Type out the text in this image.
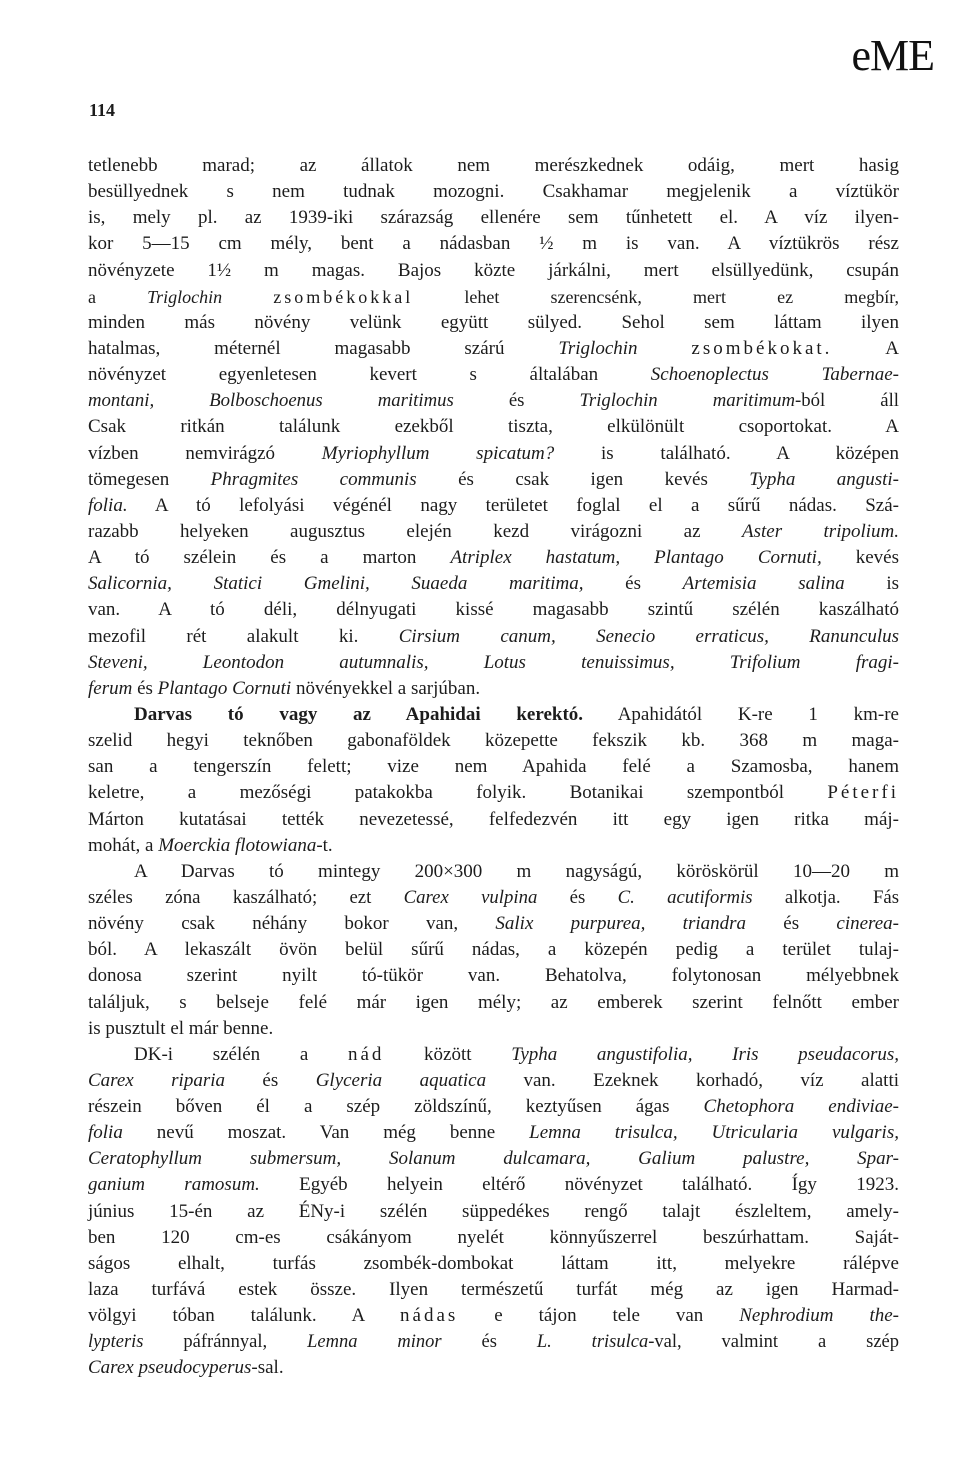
eME
114
tetlenebb marad; az állatok nem merészkednek odáig, mert hasig
besüllyednek s nem tudnak mozogni. Csakhamar megjelenik a víztükör
is, mely pl. az 1939-iki szárazság ellenére sem tűnhetett el. A víz ilyen-
kor 5—15 cm mély, bent a nádasban ½ m is van. A víztükrös rész
növényzete 1½ m magas. Bajos közte járkálni, mert elsüllyedünk, csupán
a Triglochin	zsombékokkal lehet szerencsénk, mert ez megbír,
minden más növény velünk együtt sülyed. Sehol sem láttam ilyen
hatalmas, méternél magasabb szárú Triglochin	zsombékokat. A
növényzet egyenletesen kevert s általában Schoenoplectus Tabernae-
montani, Bolboschoenus maritimus és Triglochin maritimum-ból áll
Csak ritkán találunk ezekből tiszta, elkülönült csoportokat. A
vízben nemvirágzó Myriophyllum spicatum? is található. A középen
tömegesen Phragmites communis és csak igen kevés Typha angusti-
folia. A tó lefolyási végénél nagy területet foglal el a sűrű nádas. Szá-
razabb helyeken augusztus elején kezd virágozni az Aster tripolium.
A tó szélein és a marton Atriplex hastatum, Plantago Cornuti, kevés
Salicornia, Statici Gmelini, Suaeda maritima, és Artemisia salina is
van. A tó déli, délnyugati kissé magasabb szintű szélén kaszálható
mezofil rét alakult ki. Cirsium canum, Senecio erraticus, Ranunculus
Steveni, Leontodon autumnalis, Lotus tenuissimus, Trifolium fragi-
ferum és Plantago Cornuti növényekkel a sarjúban.
Darvas tó vagy az Apahidai kerektó. Apahidától K-re 1 km-re
szelid hegyi teknőben gabonaföldek közepette fekszik kb. 368 m maga-
san a tengerszín felett; vize nem Apahida felé a Szamosba, hanem
keletre, a mezőségi patakokba folyik. Botanikai szempontból Péterfi
Márton kutatásai tették nevezetessé, felfedezvén itt egy igen ritka máj-
mohát, a Moerckia flotowiana-t.
A Darvas tó mintegy 200×300 m nagyságú, köröskörül 10—20 m
széles zóna kaszálható; ezt Carex vulpina és C. acutiformis alkotja. Fás
növény csak néhány bokor van, Salix purpurea, triandra és cinerea-
ból. A lekaszált övön belül sűrű nádas, a közepén pedig a terület tulaj-
donosa szerint nyilt tó-tükör van. Behatolva, folytonosan mélyebbnek
találjuk, s belseje felé már igen mély; az emberek szerint felnőtt ember
is pusztult el már benne.
DK-i szélén a nád között Typha angustifolia, Iris pseudacorus,
Carex riparia és Glyceria aquatica van. Ezeknek korhadó, víz alatti
részein bőven él a szép zöldszínű, keztyűsen ágas Chetophora endiviae-
folia nevű moszat. Van még benne Lemna trisulca, Utricularia vulgaris,
Ceratophyllum submersum, Solanum dulcamara, Galium palustre, Spar-
ganium ramosum. Egyéb helyein eltérő növényzet található. Így 1923.
június 15-én az ÉNy-i szélén süppedékes rengő talajt észleltem, amely-
ben 120 cm-es csákányom nyelét könnyűszerrel beszúrhattam. Saját-
ságos elhalt, turfás zsombék-dombokat láttam itt, melyekre rálépve
laza turfává estek össze. Ilyen természetű turfát még az igen Harmad-
völgyi tóban találunk. A nádas e tájon tele van Nephrodium the-
lypteris páfránnyal, Lemna minor és L. trisulca-val, valmint a szép
Carex pseudocyperus-sal.
